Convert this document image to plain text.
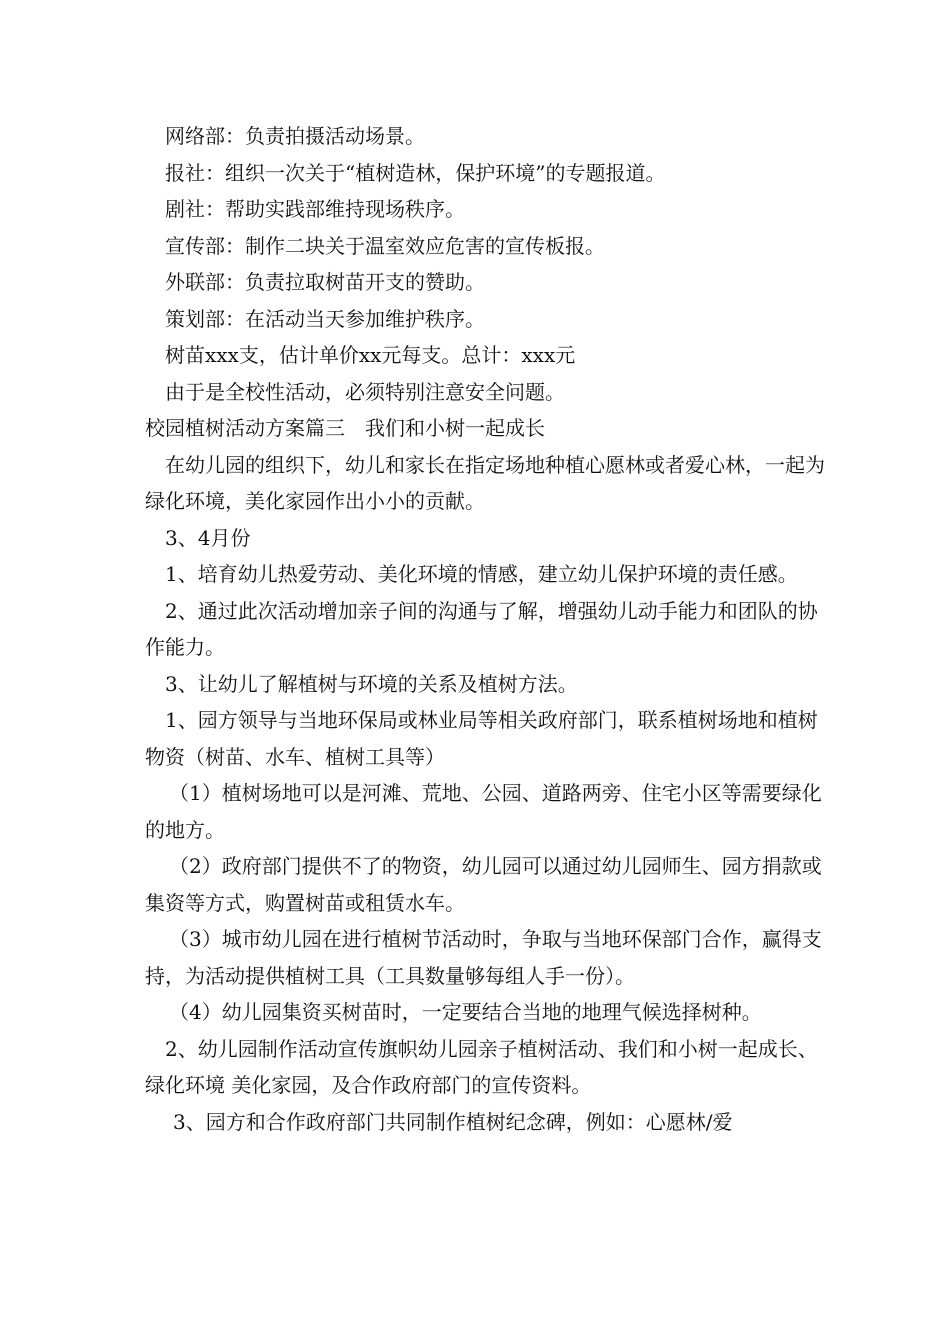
网络部：负责拍摄活动场景。

报社：组织一次关于“植树造林，保护环境”的专题报道。

剧社：帮助实践部维持现场秩序。

宣传部：制作二块关于温室效应危害的宣传板报。

外联部：负责拉取树苗开支的赞助。

策划部：在活动当天参加维护秩序。

树苗xxx支，估计单价xx元每支。总计：xxx元

由于是全校性活动，必须特别注意安全问题。

校园植树活动方案篇三　我们和小树一起成长

在幼儿园的组织下，幼儿和家长在指定场地种植心愿林或者爱心林，一起为绿化环境，美化家园作出小小的贡献。

3、4月份

1、培育幼儿热爱劳动、美化环境的情感，建立幼儿保护环境的责任感。

2、通过此次活动增加亲子间的沟通与了解，增强幼儿动手能力和团队的协作能力。

3、让幼儿了解植树与环境的关系及植树方法。

1、园方领导与当地环保局或林业局等相关政府部门，联系植树场地和植树物资（树苗、水车、植树工具等）

（1）植树场地可以是河滩、荒地、公园、道路两旁、住宅小区等需要绿化的地方。

（2）政府部门提供不了的物资，幼儿园可以通过幼儿园师生、园方捐款或集资等方式，购置树苗或租赁水车。

（3）城市幼儿园在进行植树节活动时，争取与当地环保部门合作，赢得支持，为活动提供植树工具（工具数量够每组人手一份）。

（4）幼儿园集资买树苗时，一定要结合当地的地理气候选择树种。

2、幼儿园制作活动宣传旗帜幼儿园亲子植树活动、我们和小树一起成长、绿化环境 美化家园，及合作政府部门的宣传资料。

3、园方和合作政府部门共同制作植树纪念碑，例如：心愿林/爱
